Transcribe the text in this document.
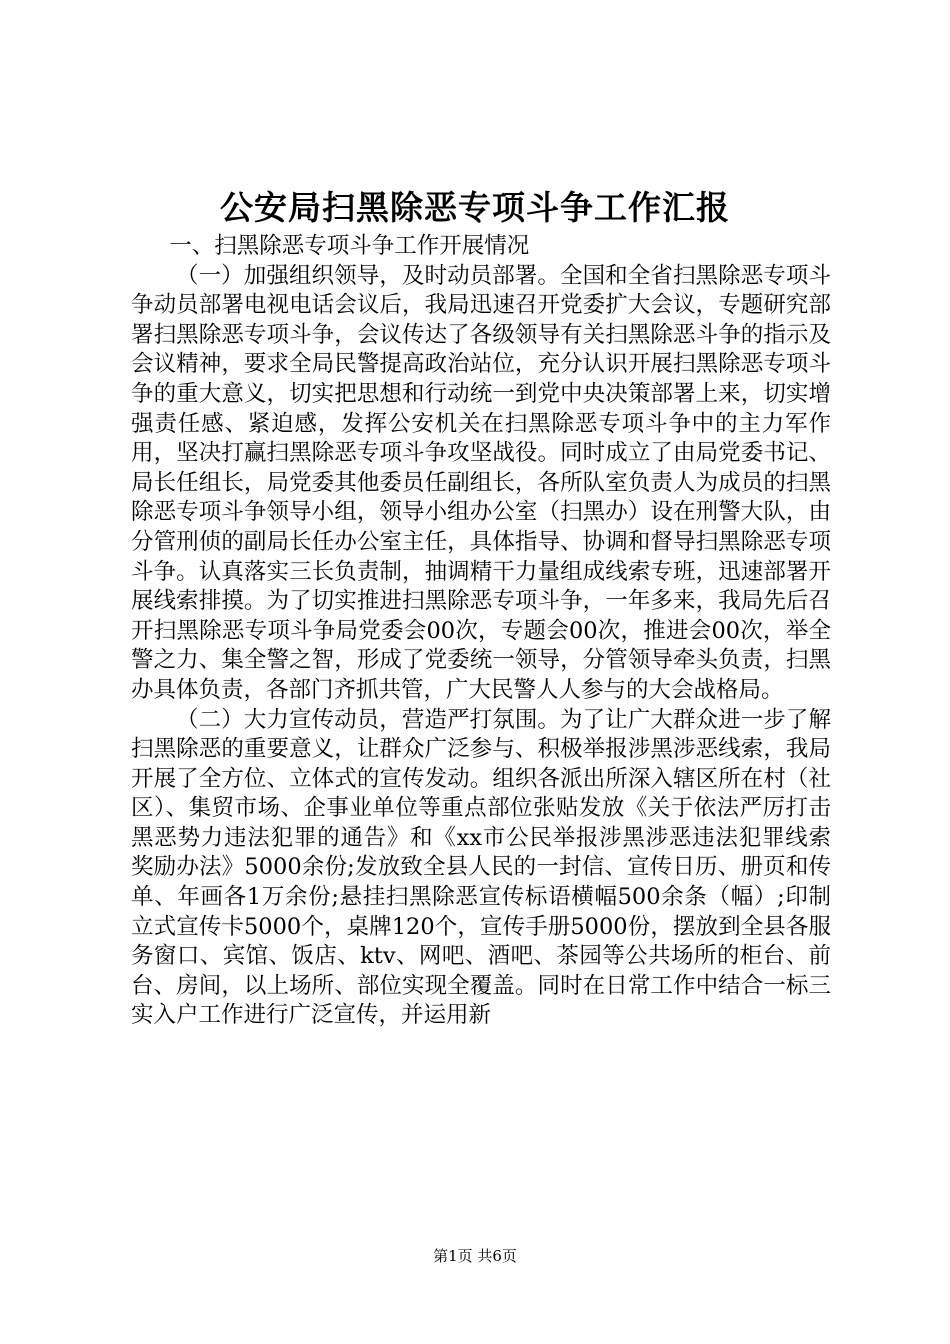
公安局扫黑除恶专项斗争工作汇报

一、扫黑除恶专项斗争工作开展情况

（一）加强组织领导，及时动员部署。全国和全省扫黑除恶专项斗争动员部署电视电话会议后，我局迅速召开党委扩大会议，专题研究部署扫黑除恶专项斗争，会议传达了各级领导有关扫黑除恶斗争的指示及会议精神，要求全局民警提高政治站位，充分认识开展扫黑除恶专项斗争的重大意义，切实把思想和行动统一到党中央决策部署上来，切实增强责任感、紧迫感，发挥公安机关在扫黑除恶专项斗争中的主力军作用，坚决打赢扫黑除恶专项斗争攻坚战役。同时成立了由局党委书记、局长任组长，局党委其他委员任副组长，各所队室负责人为成员的扫黑除恶专项斗争领导小组，领导小组办公室（扫黑办）设在刑警大队，由分管刑侦的副局长任办公室主任，具体指导、协调和督导扫黑除恶专项斗争。认真落实三长负责制，抽调精干力量组成线索专班，迅速部署开展线索排摸。为了切实推进扫黑除恶专项斗争，一年多来，我局先后召开扫黑除恶专项斗争局党委会00次，专题会00次，推进会00次，举全警之力、集全警之智，形成了党委统一领导，分管领导牵头负责，扫黑办具体负责，各部门齐抓共管，广大民警人人参与的大会战格局。

（二）大力宣传动员，营造严打氛围。为了让广大群众进一步了解扫黑除恶的重要意义，让群众广泛参与、积极举报涉黑涉恶线索，我局开展了全方位、立体式的宣传发动。组织各派出所深入辖区所在村（社区）、集贸市场、企事业单位等重点部位张贴发放《关于依法严厉打击黑恶势力违法犯罪的通告》和《xx市公民举报涉黑涉恶违法犯罪线索奖励办法》5000余份;发放致全县人民的一封信、宣传日历、册页和传单、年画各1万余份;悬挂扫黑除恶宣传标语横幅500余条（幅）;印制立式宣传卡5000个，桌牌120个，宣传手册5000份，摆放到全县各服务窗口、宾馆、饭店、ktv、网吧、酒吧、茶园等公共场所的柜台、前台、房间，以上场所、部位实现全覆盖。同时在日常工作中结合一标三实入户工作进行广泛宣传，并运用新

第1页 共6页
